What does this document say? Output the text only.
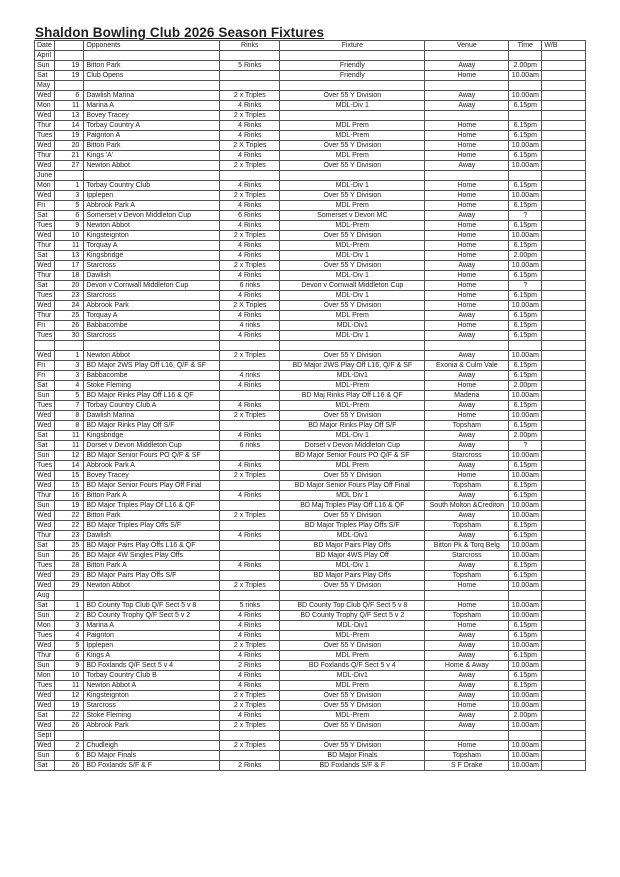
Shaldon Bowling Club 2026 Season Fixtures
Date		Opponents	Rinks	Fixture	Venue	Time	W/B
April							
Sun	19	Bitton Park	5 Rinks	Friendly	Away	2.00pm	
Sat	19	Club Opens		Friendly	Home	10.00am	
May							
Wed	6	Dawlish Marina	2 x Triples	Over 55 Y Division	Away	10.00am	
Mon	11	Marina A	4 Rinks	MDL-Div 1	Away	6.15pm	
Wed	13	Bovey Tracey	2 x Triples				
Thur	14	Torbay Country A	4 Rinks	MDL Prem	Home	6.15pm	
Tues	19	Paignton A	4 Rinks	MDL-Prem	Home	6.15pm	
Wed	20	Bitton Park	2 X Triples	Over 55 Y Division	Home	10.00am	
Thur	21	Kings 'A'	4 Rinks	MDL Prem	Home	6.15pm	
Wed	27	Newton Abbot	2 x Triples	Over 55 Y Division	Away	10.00am	
June							
Mon	1	Torbay Country Club	4 Rinks	MDL-Div 1	Home	6.15pm	
Wed	3	Ipplepen	2 x Triples	Over 55 Y Division	Home	10.00am	
Fri	5	Abbrook Park A	4 Rinks	MDL Prem	Home	6.15pm	
Sat	6	Somerset v Devon Middleton Cup	6 Rinks	Somerset v Devon MC	Away	?	
Tues	9	Newton Abbot	4 Rinks	MDL-Prem	Home	6.15pm	
Wed	10	Kingsteignton	2 x Triples	Over 55 Y Division	Home	10.00am	
Thur	11	Torquay A	4 Rinks	MDL-Prem	Home	6.15pm	
Sat	13	Kingsbridge	4 Rinks	MDL-Div 1	Home	2.00pm	
Wed	17	Starcross	2 x Triples	Over 55 Y Division	Away	10.00am	
Thur	18	Dawlish	4 Rinks	MDL-Div 1	Home	6.15pm	
Sat	20	Devon v Cornwall Middleton Cup	6 rinks	Devon v Cornwall Middleton Cup	Home	?	
Tues	23	Starcross	4 Rinks	MDL-Div 1	Home	6.15pm	
Wed	24	Abbrook Park	2 X Triples	Over 55 Y Division	Home	10.00am	
Thur	25	Torquay A	4 Rinks	MDL Prem	Away	6.15pm	
Fri	26	Babbacombe	4 rinks	MDL-Div1	Home	6.15pm	
Tues	30	Starcross	4 Rinks	MDL-Div 1	Away	6.15pm	

Wed	1	Newton Abbot	2 x Triples	Over 55 Y Division	Away	10.00am	
Fri	3	BD Major 2WS Play Off L16, Q/F & SF		BD Major 2WS Play Off L16, Q/F & SF	Exonia & Culm Vale	6.15pm	
Fri	3	Babbacombe	4 rinks	MDL-Div1	Away	6.15pm	
Sat	4	Stoke Fleming	4 Rinks	MDL-Prem	Home	2.00pm	
Sun	5	BD Major Rinks Play Off L16 & QF		BD Maj Rinks Play Off L16 & QF	Maderia	10.00am	
Tues	7	Torbay Country Club A	4 Rinks	MDL-Prem	Away	6.15pm	
Wed	8	Dawlish Marina	2 x Triples	Over 55 Y Division	Home	10.00am	
Wed	8	BD Major Rinks Play Off S/F		BD Major Rinks Play Off S/F	Topsham	6.15pm	
Sat	11	Kingsbridge	4 Rinks	MDL-Div 1	Away	2.00pm	
Sat	11	Dorset v Devon Middleton Cup	6 rinks	Dorset v Devon Middleton Cup	Away	?	
Sun	12	BD Major Senior Fours PO Q/F & SF		BD Major Senior Fours PO Q/F & SF	Starcross	10.00am	
Tues	14	Abbrook Park A	4 Rinks	MDL Prem	Away	6.15pm	
Wed	15	Bovey Tracey	2 x Triples	Over 55 Y Division	Home	10.00am	
Wed	15	BD Major Senior Fours Play Off Final		BD Major Senior Fours Play Off Final	Topsham	6.15pm	
Thur	16	Bitton Park A	4 Rinks	MDL Div 1	Away	6.15pm	
Sun	19	BD Major Triples Play Of L16 & QF		BD Maj Triples Play Off L16 & QF	South Molton &Crediton	10.00am	
Wed	22	Bitton Park	2 x Triples	Over 55 Y Division	Away	10.00am	
Wed	22	BD Major Triples Play Offs S/F		BD Major Triples Play Offs S/F	Topsham	6.15pm	
Thur	23	Dawlish	4 Rinks	MDL-Div1	Away	6.15pm	
Sat	25	BD Major Pairs Play Offs L16 & QF		BD Major Pairs Play Offs	Bitton Pk & Torq Belg	10.00am	
Sun	26	BD Major 4W Singles Play Offs		BD Major 4WS Play Off	Starcross	10.00am	
Tues	28	Bitton Park A	4 Rinks	MDL-Div 1	Away	6.15pm	
Wed	29	BD Major Pairs Play Offs S/F		BD Major Pairs Play Offs	Topsham	6.15pm	
Wed	29	Newton Abbot	2 x Triples	Over 55 Y Division	Home	10.00am	
Aug							
Sat	1	BD County Top Club Q/F Sect 5 v 8	5 rinks	BD County Top Club Q/F Sect 5 v 8	Home	10.00am	
Sun	2	BD County Trophy Q/F Sect 5 v 2	4 Rinks	BD County Trophy Q/F Sect 5 v 2	Topsham	10.00am	
Mon	3	Marina A	4 Rinks	MDL-Div1	Home	6.15pm	
Tues	4	Paignton	4 Rinks	MDL-Prem	Away	6.15pm	
Wed	5	Ipplepen	2 x Triples	Over 55 Y Division	Away	10.00am	
Thur	6	Kings A	4 Rinks	MDL Prem	Away	6.15pm	
Sun	9	BD Foxlands Q/F Sect 5 v 4	2 Rinks	BD Foxlands Q/F Sect 5 v 4	Home & Away	10.00am	
Mon	10	Torbay Country Club B	4 Rinks	MDL-Div1	Away	6.15pm	
Tues	11	Newton Abbot A	4 Rinks	MDL Prem	Away	6.15pm	
Wed	12	Kingsteignton	2 x Triples	Over 55 Y Division	Away	10.00am	
Wed	19	Starcross	2 x Triples	Over 55 Y Division	Home	10.00am	
Sat	22	Stoke Fleming	4 Rinks	MDL-Prem	Away	2.00pm	
Wed	26	Abbrook Park	2 x Triples	Over 55 Y Division	Away	10.00am	
Sept							
Wed	2	Chudleigh	2 x Triples	Over 55 Y Division	Home	10.00am	
Sun	6	BD Major Finals		BD Major Finals	Topsham	10.00am	
Sat	26	BD Foxlands S/F & F	2 Rinks	BD Foxlands S/F & F	S F Drake	10.00am	
